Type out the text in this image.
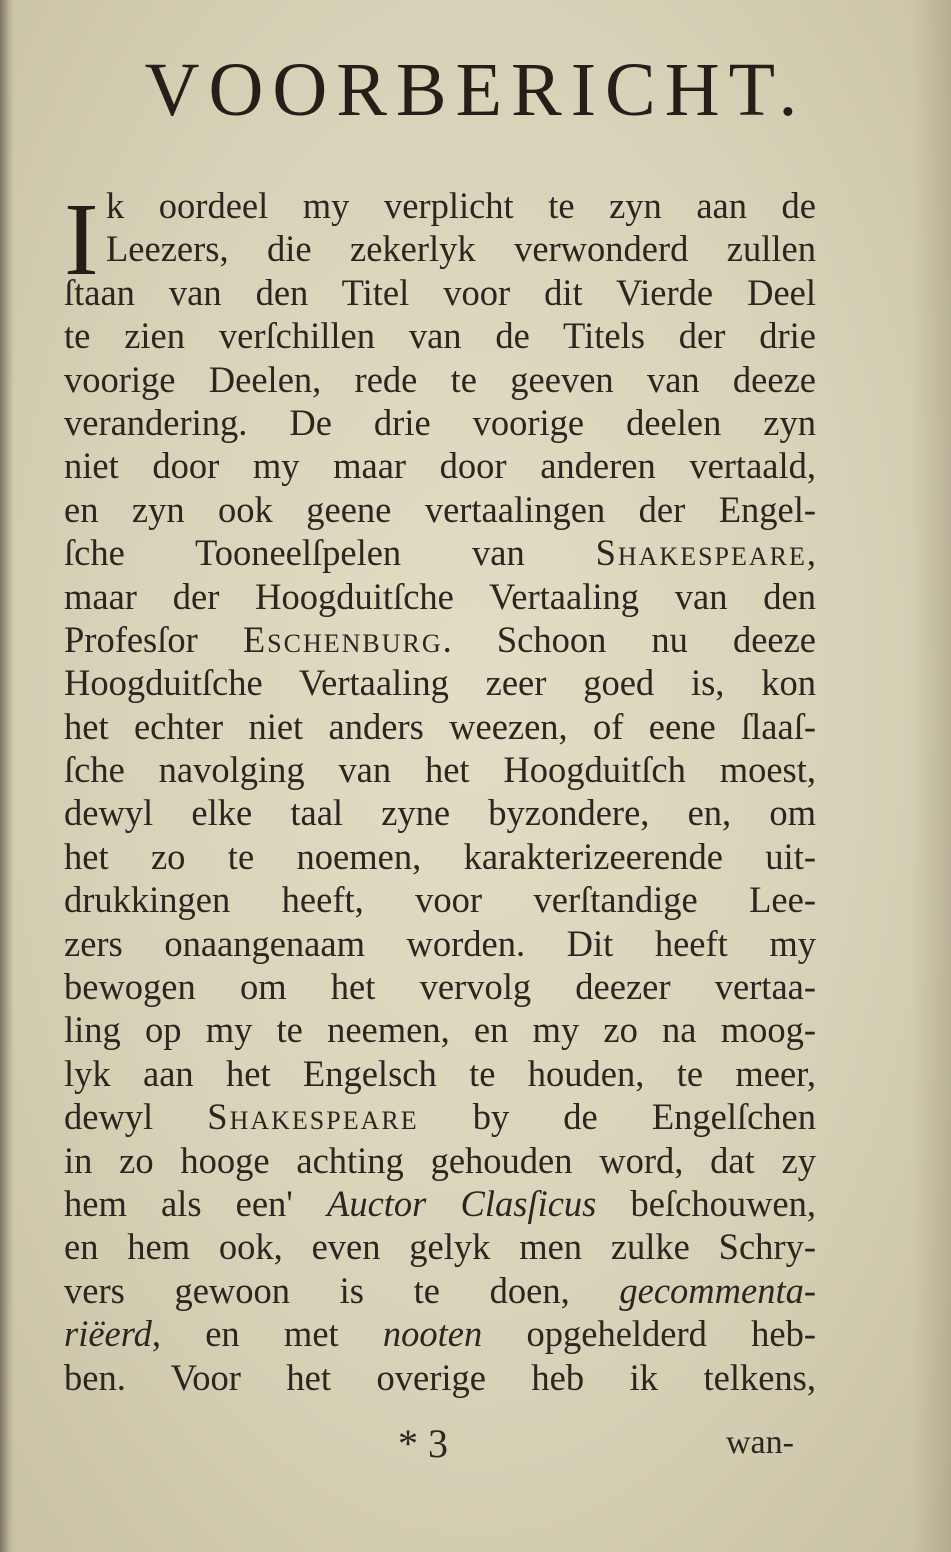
VOORBERICHT.
I k oordeel my verplicht te zyn aan de
Leezers, die zekerlyk verwonderd zullen
ſtaan van den Titel voor dit Vierde Deel
te zien verſchillen van de Titels der drie
voorige Deelen, rede te geeven van deeze
verandering. De drie voorige deelen zyn
niet door my maar door anderen vertaald,
en zyn ook geene vertaalingen der Engel-
ſche Tooneelſpelen van Shakespeare,
maar der Hoogduitſche Vertaaling van den
Profesſor Eschenburg. Schoon nu deeze
Hoogduitſche Vertaaling zeer goed is, kon
het echter niet anders weezen, of eene ſlaaſ-
ſche navolging van het Hoogduitſch moest,
dewyl elke taal zyne byzondere, en, om
het zo te noemen, karakterizeerende uit-
drukkingen heeft, voor verſtandige Lee-
zers onaangenaam worden. Dit heeft my
bewogen om het vervolg deezer vertaa-
ling op my te neemen, en my zo na moog-
lyk aan het Engelsch te houden, te meer,
dewyl Shakespeare by de Engelſchen
in zo hooge achting gehouden word, dat zy
hem als een' Auctor Clasſicus beſchouwen,
en hem ook, even gelyk men zulke Schry-
vers gewoon is te doen, gecommenta-
riëerd, en met nooten opgehelderd heb-
ben. Voor het overige heb ik telkens,
* 3	wan-
